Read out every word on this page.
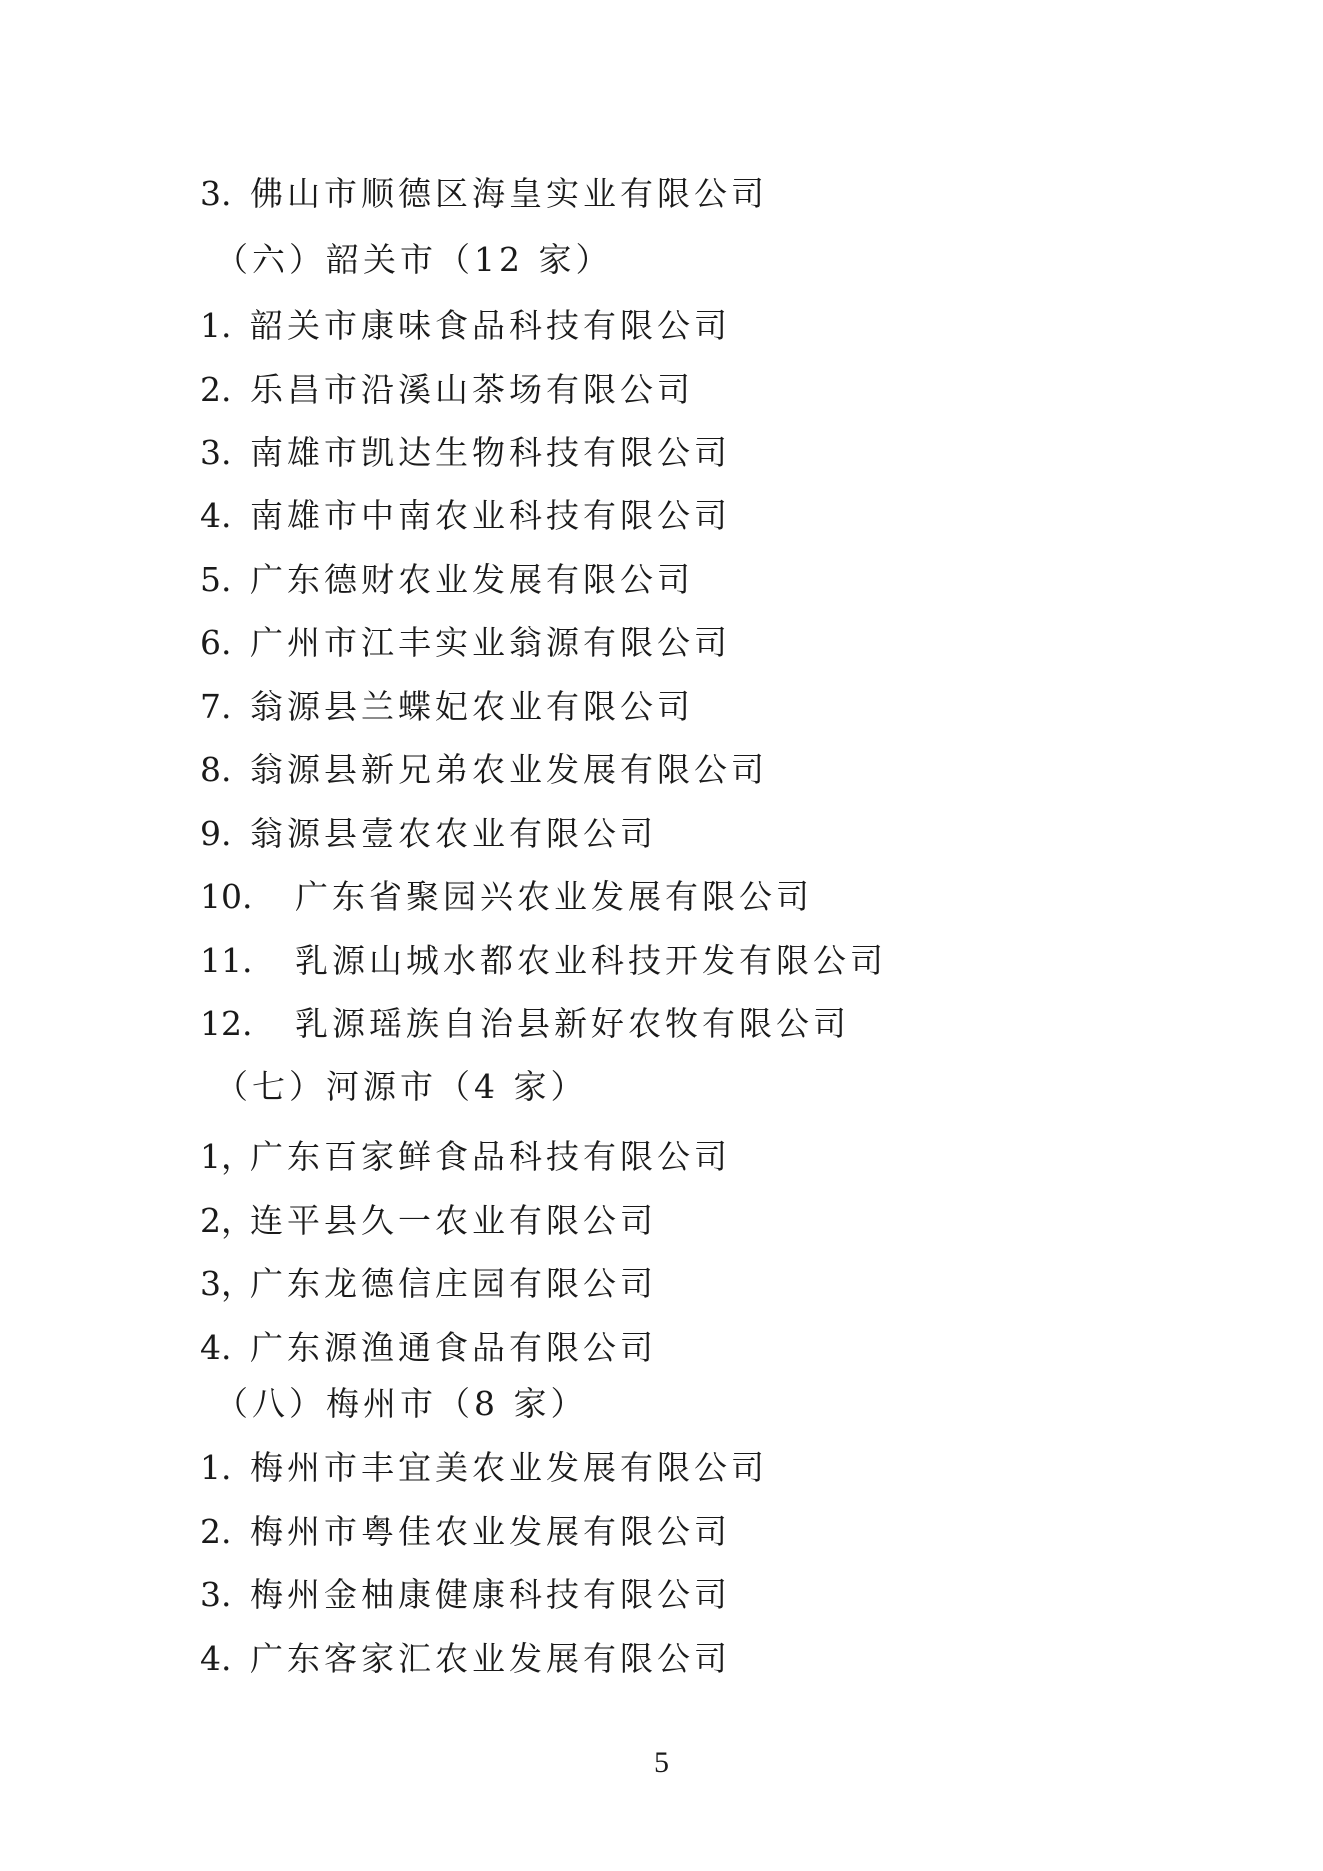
3. 佛山市顺德区海皇实业有限公司
（六）韶关市（12 家）
1. 韶关市康味食品科技有限公司
2. 乐昌市沿溪山茶场有限公司
3. 南雄市凯达生物科技有限公司
4. 南雄市中南农业科技有限公司
5. 广东德财农业发展有限公司
6. 广州市江丰实业翁源有限公司
7. 翁源县兰蝶妃农业有限公司
8. 翁源县新兄弟农业发展有限公司
9. 翁源县壹农农业有限公司
10. 广东省聚园兴农业发展有限公司
11. 乳源山城水都农业科技开发有限公司
12. 乳源瑶族自治县新好农牧有限公司
（七）河源市（4 家）
1，广东百家鲜食品科技有限公司
2，连平县久一农业有限公司
3，广东龙德信庄园有限公司
4. 广东源渔通食品有限公司
（八）梅州市（8 家）
1. 梅州市丰宜美农业发展有限公司
2. 梅州市粤佳农业发展有限公司
3. 梅州金柚康健康科技有限公司
4. 广东客家汇农业发展有限公司
5
